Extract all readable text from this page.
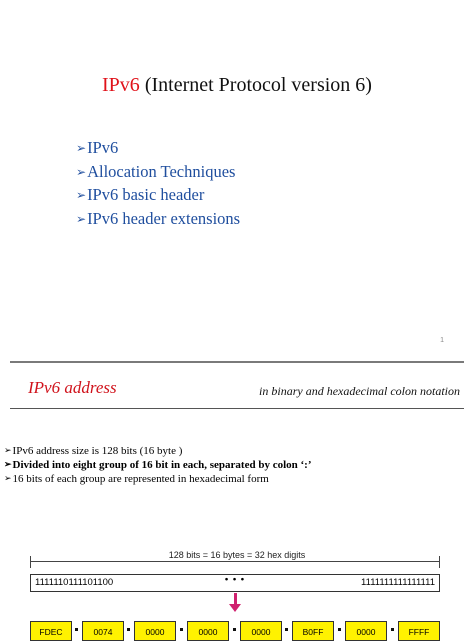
IPv6 (Internet Protocol version 6)
➢IPv6
➢Allocation Techniques
➢IPv6 basic header
➢IPv6 header extensions
1
IPv6 address	in binary and hexadecimal colon notation
➢IPv6 address size is 128 bits (16 byte )
➢Divided into eight group of 16 bit in each, separated by colon ‘:’
➢16 bits of each group are represented in hexadecimal form
128 bits = 16 bytes = 32 hex digits
1111110111101100	• • •	1111111111111111
FDEC	0074	0000	0000	0000	B0FF	0000	FFFF
